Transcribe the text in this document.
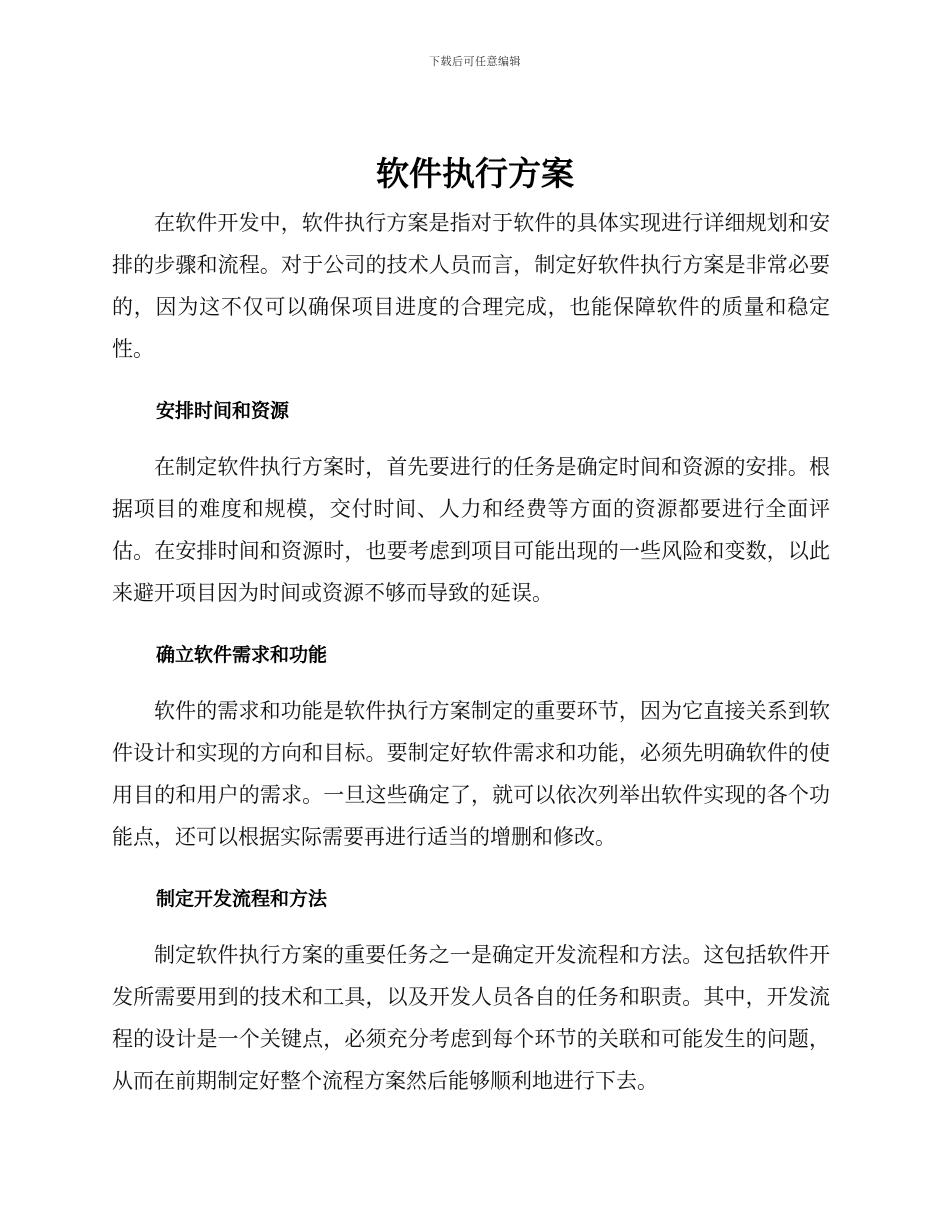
下载后可任意编辑
软件执行方案

在软件开发中，软件执行方案是指对于软件的具体实现进行详细规划和安排的步骤和流程。对于公司的技术人员而言，制定好软件执行方案是非常必要的，因为这不仅可以确保项目进度的合理完成，也能保障软件的质量和稳定性。

安排时间和资源

在制定软件执行方案时，首先要进行的任务是确定时间和资源的安排。根据项目的难度和规模，交付时间、人力和经费等方面的资源都要进行全面评估。在安排时间和资源时，也要考虑到项目可能出现的一些风险和变数，以此来避开项目因为时间或资源不够而导致的延误。

确立软件需求和功能

软件的需求和功能是软件执行方案制定的重要环节，因为它直接关系到软件设计和实现的方向和目标。要制定好软件需求和功能，必须先明确软件的使用目的和用户的需求。一旦这些确定了，就可以依次列举出软件实现的各个功能点，还可以根据实际需要再进行适当的增删和修改。

制定开发流程和方法

制定软件执行方案的重要任务之一是确定开发流程和方法。这包括软件开发所需要用到的技术和工具，以及开发人员各自的任务和职责。其中，开发流程的设计是一个关键点，必须充分考虑到每个环节的关联和可能发生的问题，从而在前期制定好整个流程方案然后能够顺利地进行下去。
